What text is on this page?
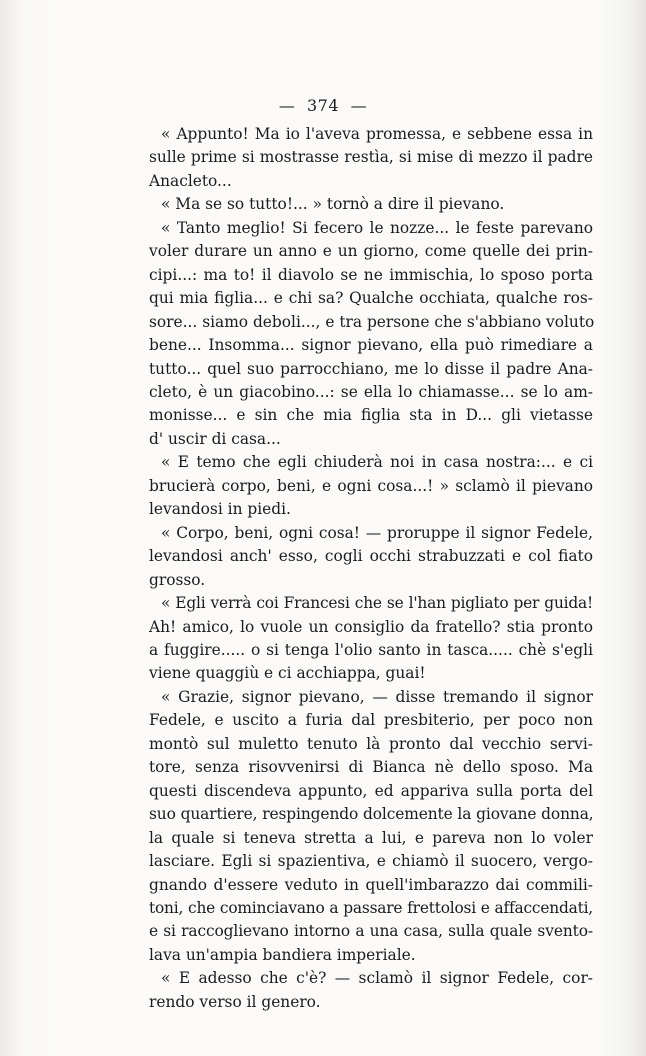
— 374 —

« Appunto! Ma io l'aveva promessa, e sebbene essa in
sulle prime si mostrasse restìa, si mise di mezzo il padre
Anacleto...

« Ma se so tutto!... » tornò a dire il pievano.

« Tanto meglio! Si fecero le nozze... le feste parevano
voler durare un anno e un giorno, come quelle dei prin-
cipi...: ma to! il diavolo se ne immischia, lo sposo porta
qui mia figlia... e chi sa? Qualche occhiata, qualche ros-
sore... siamo deboli..., e tra persone che s'abbiano voluto
bene... Insomma... signor pievano, ella può rimediare a
tutto... quel suo parrocchiano, me lo disse il padre Ana-
cleto, è un giacobino...: se ella lo chiamasse... se lo am-
monisse... e sin che mia figlia sta in D... gli vietasse
d' uscir di casa...

« E temo che egli chiuderà noi in casa nostra:... e ci
brucierà corpo, beni, e ogni cosa...! » sclamò il pievano
levandosi in piedi.

« Corpo, beni, ogni cosa! — proruppe il signor Fedele,
levandosi anch' esso, cogli occhi strabuzzati e col fiato
grosso.

« Egli verrà coi Francesi che se l'han pigliato per guida!
Ah! amico, lo vuole un consiglio da fratello? stia pronto
a fuggire..... o si tenga l'olio santo in tasca..... chè s'egli
viene quaggiù e ci acchiappa, guai!

« Grazie, signor pievano, — disse tremando il signor
Fedele, e uscito a furia dal presbiterio, per poco non
montò sul muletto tenuto là pronto dal vecchio servi-
tore, senza risovvenirsi di Bianca nè dello sposo. Ma
questi discendeva appunto, ed appariva sulla porta del
suo quartiere, respingendo dolcemente la giovane donna,
la quale si teneva stretta a lui, e pareva non lo voler
lasciare. Egli si spazientiva, e chiamò il suocero, vergo-
gnando d'essere veduto in quell'imbarazzo dai commili-
toni, che cominciavano a passare frettolosi e affaccendati,
e si raccoglievano intorno a una casa, sulla quale svento-
lava un'ampia bandiera imperiale.

« E adesso che c'è? — sclamò il signor Fedele, cor-
rendo verso il genero.
